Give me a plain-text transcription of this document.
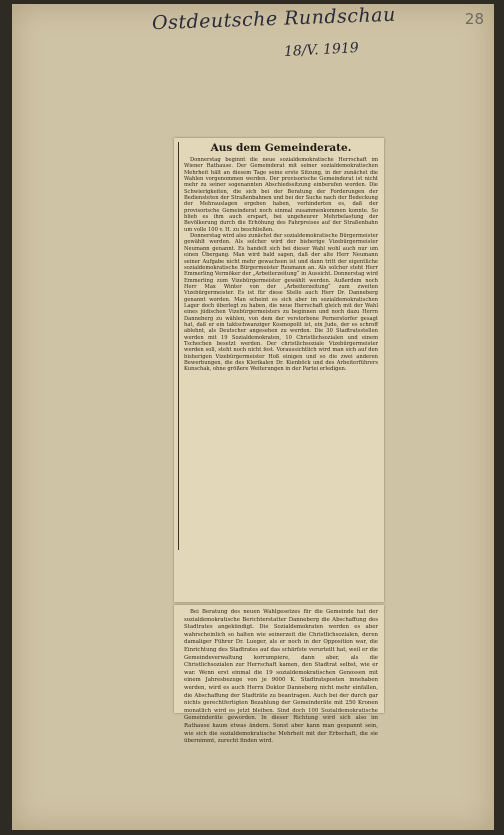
Ostdeutsche Rundschau
18/V. 1919
28
Aus dem Gemeinderate.

Donnerstag beginnt die neue sozialdemokratische Herrschaft im Wiener Rathause. Der Gemeinderat mit seiner sozialdemokratischen Mehrheit hält an diesem Tage seine erste Sitzung, in der zunächst die Wahlen vorgenommen werden. Der provisorische Gemeinderat ist nicht mehr zu seiner sogenannten Abschiedssitzung einberufen worden. Die Schwierigkeiten, die sich bei der Beratung der Forderungen der Bediensteten der Straßenbahnen und bei der Suche nach der Bedeckung der Mehrauslagen ergeben haben, verhinderten es, daß der provisorische Gemeinderat noch einmal zusammenkommen konnte. So blieb es ihm auch erspart, bei ungeheurer Mehrbelastung der Bevölkerung durch die Erhöhung des Fahrpreises auf der Straßenbahn um volle 100 v. H. zu beschließen.

Donnerstag wird also zunächst der sozialdemokratische Bürgermeister gewählt werden. Als solcher wird der bisherige Vizebürgermeister Neumann genannt. Es handelt sich bei dieser Wahl wohl auch nur um einen Übergang. Man wird bald sagen, daß der alte Herr Neumann seiner Aufgabe nicht mehr gewachsen ist und dann tritt der eigentliche sozialdemokratische Bürgermeister Reumann an. Als solcher steht Herr Emmerling Vermöker der „Arbeiterzeitung“ in Aussicht. Donnerstag wird Emmerling zum Vizebürgermeister gewählt werden. Außerdem noch Herr Max Winter von der „Arbeiterzeitung“ zum zweiten Vizebürgermeister. Es ist für diese Stelle auch Herr Dr. Danneberg genannt worden. Man scheint es sich aber im sozialdemokratischen Lager doch überlegt zu haben, die neue Herrschaft gleich mit der Wahl eines jüdischen Vizebürgermeisters zu beginnen und noch dazu Herrn Danneberg zu wählen, von dem der verstorbene Pernerstorfer gesagt hat, daß er ein taktschwanziger Kosmopolit ist, ein Jude, der es schroff ablehnt, als Deutscher angesehen zu werden. Die 30 Stadtratsstellen werden mit 19 Sozialdemokraten, 10 Christlichsozialen und einem Tschechen besetzt werden. Der christlichsoziale Vizebürgermeister werden soll, steht noch nicht fest. Voraussichtlich wird man sich auf den bisherigen Vizebürgermeister Hoß einigen und so die zwei anderen Bewerbungen, die des Klerikalen Dr. Kienböck und des Arbeiterführers Kunschak, ohne größere Weiterungen in der Partei erledigen.

Bei Beratung des neuen Wahlgesetzes für die Gemeinde hat der sozialdemokratische Berichterstatter Danneberg die Abschaffung des Stadtrates angekündigt. Die Sozialdemokraten werden es aber wahrscheinlich so halten wie seinerzeit die Christlichsozialen, deren damaliger Führer Dr. Lueger, als er noch in der Opposition war, die Einrichtung des Stadtrates auf das schärfste verurteilt hat, weil er die Gemeindeverwaltung korrumpiere, dann aber, als die Christlichsozialen zur Herrschaft kamen, den Stadtrat selbst, wie er war. Wenn erst einmal die 19 sozialdemokratischen Genossen mit einem Jahresbezuge von je 9000 K. Stadtratsposten innehaben werden, wird es auch Herrn Doktor Danneberg nicht mehr einfallen, die Abschaffung der Stadträte zu beantragen. Auch bei der durch gar nichts gerechtfertigten Bezahlung der Gemeinderäte mit 250 Kronen monatlich wird es jetzt bleiben. Sind doch 100 Sozialdemokratische Gemeinderäte geworden. In dieser Richtung wird sich also im Rathause kaum etwas ändern. Sonst aber kann man gespannt sein, wie sich die sozialdemokratische Mehrheit mit der Erbschaft, die sie übernimmt, zurecht finden wird.
